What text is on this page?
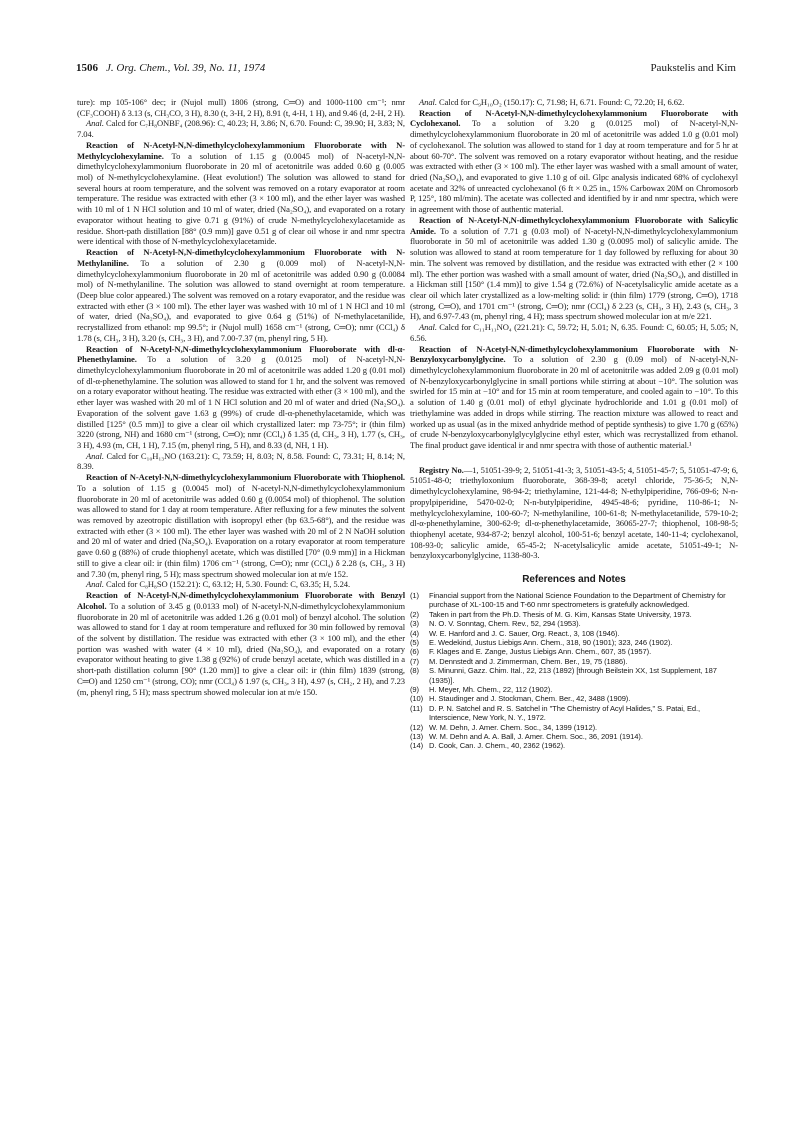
1506 J. Org. Chem., Vol. 39, No. 11, 1974	Paukstelis and Kim

ture): mp 105-106° dec; ir (Nujol mull) 1806 (strong, C═O) and 1000-1100 cm⁻¹; nmr (CF₃COOH) δ 3.13 (s, CH₃CO, 3 H), 8.30 (t, 3-H, 2 H), 8.91 (t, 4-H, 1 H), and 9.46 (d, 2-H, 2 H).

Anal. Calcd for C₇H₈ONBF₄ (208.96): C, 40.23; H, 3.86; N, 6.70. Found: C, 39.90; H, 3.83; N, 7.04.

Reaction of N-Acetyl-N,N-dimethylcyclohexylammonium Fluoroborate with N-Methylcyclohexylamine. To a solution of 1.15 g (0.0045 mol) of N-acetyl-N,N-dimethylcyclohexylammonium fluoroborate in 20 ml of acetonitrile was added 0.60 g (0.005 mol) of N-methylcyclohexylamine. (Heat evolution!) The solution was allowed to stand for several hours at room temperature, and the solvent was removed on a rotary evaporator at room temperature. The residue was extracted with ether (3 × 100 ml), and the ether layer was washed with 10 ml of 1 N HCl solution and 10 ml of water, dried (Na₂SO₄), and evaporated on a rotary evaporator without heating to give 0.71 g (91%) of crude N-methylcyclohexylacetamide as residue. Short-path distillation [88° (0.9 mm)] gave 0.51 g of clear oil whose ir and nmr spectra were identical with those of N-methylcyclohexylacetamide.

Reaction of N-Acetyl-N,N-dimethylcyclohexylammonium Fluoroborate with N-Methylaniline. To a solution of 2.30 g (0.009 mol) of N-acetyl-N,N-dimethylcyclohexylammonium fluoroborate in 20 ml of acetonitrile was added 0.90 g (0.0084 mol) of N-methylaniline. The solution was allowed to stand overnight at room temperature. (Deep blue color appeared.) The solvent was removed on a rotary evaporator, and the residue was extracted with ether (3 × 100 ml). The ether layer was washed with 10 ml of 1 N HCl and 10 ml of water, dried (Na₂SO₄), and evaporated to give 0.64 g (51%) of N-methylacetanilide, recrystallized from ethanol: mp 99.5°; ir (Nujol mull) 1658 cm⁻¹ (strong, C═O); nmr (CCl₄) δ 1.78 (s, CH₃, 3 H), 3.20 (s, CH₃, 3 H), and 7.00-7.37 (m, phenyl ring, 5 H).

Reaction of N-Acetyl-N,N-dimethylcyclohexylammonium Fluoroborate with dl-α-Phenethylamine. To a solution of 3.20 g (0.0125 mol) of N-acetyl-N,N-dimethylcyclohexylammonium fluoroborate in 20 ml of acetonitrile was added 1.20 g (0.01 mol) of dl-α-phenethylamine. The solution was allowed to stand for 1 hr, and the solvent was removed on a rotary evaporator without heating. The residue was extracted with ether (3 × 100 ml), and the ether layer was washed with 20 ml of 1 N HCl solution and 20 ml of water and dried (Na₂SO₄). Evaporation of the solvent gave 1.63 g (99%) of crude dl-α-phenethylacetamide, which was distilled [125° (0.5 mm)] to give a clear oil which crystallized later: mp 73-75°; ir (thin film) 3220 (strong, NH) and 1680 cm⁻¹ (strong, C═O); nmr (CCl₄) δ 1.35 (d, CH₃, 3 H), 1.77 (s, CH₃, 3 H), 4.93 (m, CH, 1 H), 7.15 (m, phenyl ring, 5 H), and 8.33 (d, NH, 1 H).

Anal. Calcd for C₁₀H₁₃NO (163.21): C, 73.59; H, 8.03; N, 8.58. Found: C, 73.31; H, 8.14; N, 8.39.

Reaction of N-Acetyl-N,N-dimethylcyclohexylammonium Fluoroborate with Thiophenol. To a solution of 1.15 g (0.0045 mol) of N-acetyl-N,N-dimethylcyclohexylammonium fluoroborate in 20 ml of acetonitrile was added 0.60 g (0.0054 mol) of thiophenol. The solution was allowed to stand for 1 day at room temperature. After refluxing for a few minutes the solvent was removed by azeotropic distillation with isopropyl ether (bp 63.5-68°), and the residue was extracted with ether (3 × 100 ml). The ether layer was washed with 20 ml of 2 N NaOH solution and 20 ml of water and dried (Na₂SO₄). Evaporation on a rotary evaporator at room temperature gave 0.60 g (88%) of crude thiophenyl acetate, which was distilled [70° (0.9 mm)] in a Hickman still to give a clear oil: ir (thin film) 1706 cm⁻¹ (strong, C═O); nmr (CCl₄) δ 2.28 (s, CH₃, 3 H) and 7.30 (m, phenyl ring, 5 H); mass spectrum showed molecular ion at m/e 152.

Anal. Calcd for C₈H₈SO (152.21): C, 63.12; H, 5.30. Found: C, 63.35; H, 5.24.

Reaction of N-Acetyl-N,N-dimethylcyclohexylammonium Fluoroborate with Benzyl Alcohol. To a solution of 3.45 g (0.0133 mol) of N-acetyl-N,N-dimethylcyclohexylammonium fluoroborate in 20 ml of acetonitrile was added 1.26 g (0.01 mol) of benzyl alcohol. The solution was allowed to stand for 1 day at room temperature and refluxed for 30 min followed by removal of the solvent by distillation. The residue was extracted with ether (3 × 100 ml), and the ether portion was washed with water (4 × 10 ml), dried (Na₂SO₄), and evaporated on a rotary evaporator without heating to give 1.38 g (92%) of crude benzyl acetate, which was distilled in a short-path distillation column [90° (1.20 mm)] to give a clear oil: ir (thin film) 1839 (strong, C═O) and 1250 cm⁻¹ (strong, CO); nmr (CCl₄) δ 1.97 (s, CH₃, 3 H), 4.97 (s, CH₂, 2 H), and 7.23 (m, phenyl ring, 5 H); mass spectrum showed molecular ion at m/e 150.

Anal. Calcd for C₉H₁₀O₂ (150.17): C, 71.98; H, 6.71. Found: C, 72.20; H, 6.62.

Reaction of N-Acetyl-N,N-dimethylcyclohexylammonium Fluoroborate with Cyclohexanol. To a solution of 3.20 g (0.0125 mol) of N-acetyl-N,N-dimethylcyclohexylammonium fluoroborate in 20 ml of acetonitrile was added 1.0 g (0.01 mol) of cyclohexanol. The solution was allowed to stand for 1 day at room temperature and for 5 hr at about 60-70°. The solvent was removed on a rotary evaporator without heating, and the residue was extracted with ether (3 × 100 ml). The ether layer was washed with a small amount of water, dried (Na₂SO₄), and evaporated to give 1.10 g of oil. Glpc analysis indicated 68% of cyclohexyl acetate and 32% of unreacted cyclohexanol (6 ft × 0.25 in., 15% Carbowax 20M on Chromosorb P, 125°, 180 ml/min). The acetate was collected and identified by ir and nmr spectra, which were in agreement with those of authentic material.

Reaction of N-Acetyl-N,N-dimethylcyclohexylammonium Fluoroborate with Salicylic Amide. To a solution of 7.71 g (0.03 mol) of N-acetyl-N,N-dimethylcyclohexylammonium fluoroborate in 50 ml of acetonitrile was added 1.30 g (0.0095 mol) of salicylic amide. The solution was allowed to stand at room temperature for 1 day followed by refluxing for about 30 min. The solvent was removed by distillation, and the residue was extracted with ether (2 × 100 ml). The ether portion was washed with a small amount of water, dried (Na₂SO₄), and distilled in a Hickman still [150° (1.4 mm)] to give 1.54 g (72.6%) of N-acetylsalicylic amide acetate as a clear oil which later crystallized as a low-melting solid: ir (thin film) 1779 (strong, C═O), 1718 (strong, C═O), and 1701 cm⁻¹ (strong, C═O); nmr (CCl₄) δ 2.23 (s, CH₃, 3 H), 2.43 (s, CH₃, 3 H), and 6.97-7.43 (m, phenyl ring, 4 H); mass spectrum showed molecular ion at m/e 221.

Anal. Calcd for C₁₁H₁₁NO₄ (221.21): C, 59.72; H, 5.01; N, 6.35. Found: C, 60.05; H, 5.05; N, 6.56.

Reaction of N-Acetyl-N,N-dimethylcyclohexylammonium Fluoroborate with N-Benzyloxycarbonylglycine. To a solution of 2.30 g (0.09 mol) of N-acetyl-N,N-dimethylcyclohexylammonium fluoroborate in 20 ml of acetonitrile was added 2.09 g (0.01 mol) of N-benzyloxycarbonylglycine in small portions while stirring at about −10°. The solution was swirled for 15 min at −10° and for 15 min at room temperature, and cooled again to −10°. To this a solution of 1.40 g (0.01 mol) of ethyl glycinate hydrochloride and 1.01 g (0.01 mol) of triethylamine was added in drops while stirring. The reaction mixture was allowed to react and worked up as usual (as in the mixed anhydride method of peptide synthesis) to give 1.70 g (65%) of crude N-benzyloxycarbonylglycylglycine ethyl ester, which was recrystallized from ethanol. The final product gave identical ir and nmr spectra with those of authentic material.¹

Registry No.—1, 51051-39-9; 2, 51051-41-3; 3, 51051-43-5; 4, 51051-45-7; 5, 51051-47-9; 6, 51051-48-0; triethyloxonium fluoroborate, 368-39-8; acetyl chloride, 75-36-5; N,N-dimethylcyclohexylamine, 98-94-2; triethylamine, 121-44-8; N-ethylpiperidine, 766-09-6; N-n-propylpiperidine, 5470-02-0; N-n-butylpiperidine, 4945-48-6; pyridine, 110-86-1; N-methylcyclohexylamine, 100-60-7; N-methylaniline, 100-61-8; N-methylacetanilide, 579-10-2; dl-α-phenethylamine, 300-62-9; dl-α-phenethylacetamide, 36065-27-7; thiophenol, 108-98-5; thiophenyl acetate, 934-87-2; benzyl alcohol, 100-51-6; benzyl acetate, 140-11-4; cyclohexanol, 108-93-0; salicylic amide, 65-45-2; N-acetylsalicylic amide acetate, 51051-49-1; N-benzyloxycarbonylglycine, 1138-80-3.

References and Notes
(1)	Financial support from the National Science Foundation to the Department of Chemistry for purchase of XL-100-15 and T-60 nmr spectrometers is gratefully acknowledged.
(2)	Taken in part from the Ph.D. Thesis of M. G. Kim, Kansas State University, 1973.
(3)	N. O. V. Sonntag, Chem. Rev., 52, 294 (1953).
(4)	W. E. Hanford and J. C. Sauer, Org. React., 3, 108 (1946).
(5)	E. Wedekind, Justus Liebigs Ann. Chem., 318, 90 (1901); 323, 246 (1902).
(6)	F. Klages and E. Zange, Justus Liebigs Ann. Chem., 607, 35 (1957).
(7)	M. Dennstedt and J. Zimmerman, Chem. Ber., 19, 75 (1886).
(8)	S. Minunni, Gazz. Chim. Ital., 22, 213 (1892) [through Beilstein XX, 1st Supplement, 187 (1935)].
(9)	H. Meyer, Mh. Chem., 22, 112 (1902).
(10) H. Staudinger and J. Stockman, Chem. Ber., 42, 3488 (1909).
(11) D. P. N. Satchel and R. S. Satchel in "The Chemistry of Acyl Halides," S. Patai, Ed., Interscience, New York, N. Y., 1972.
(12) W. M. Dehn, J. Amer. Chem. Soc., 34, 1399 (1912).
(13) W. M. Dehn and A. A. Ball, J. Amer. Chem. Soc., 36, 2091 (1914).
(14) D. Cook, Can. J. Chem., 40, 2362 (1962).
